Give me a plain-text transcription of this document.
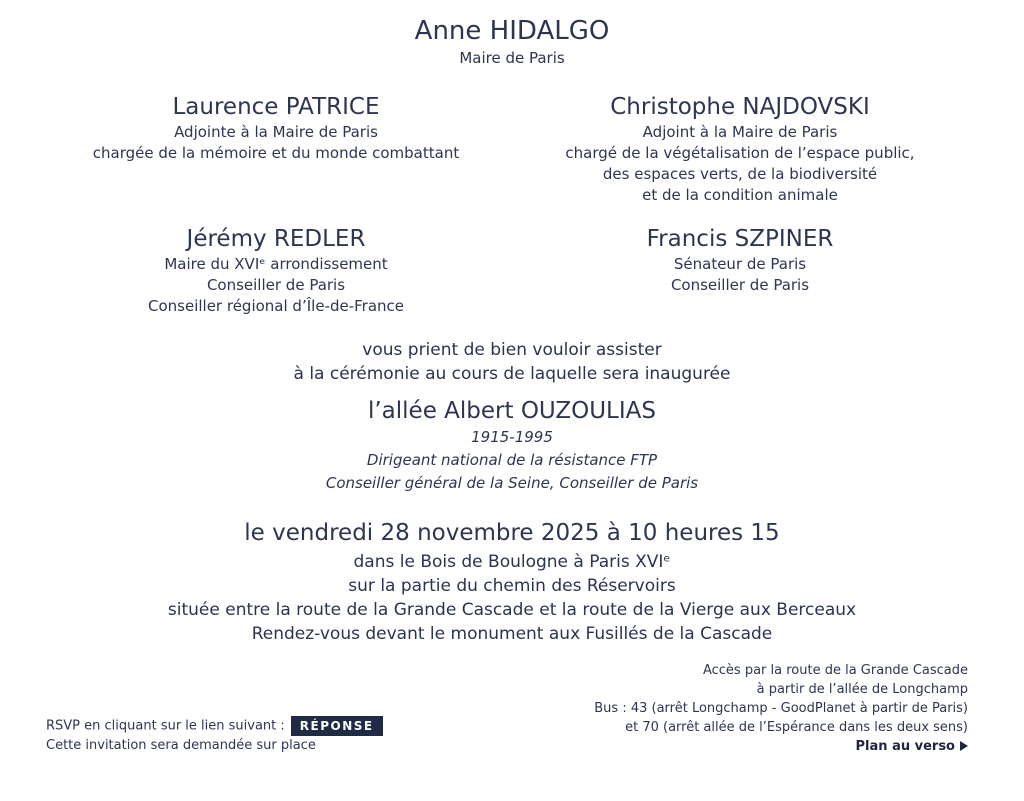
Anne HIDALGO
Maire de Paris
Laurence PATRICE
Adjointe à la Maire de Paris
chargée de la mémoire et du monde combattant
Christophe NAJDOVSKI
Adjoint à la Maire de Paris
chargé de la végétalisation de l’espace public,
des espaces verts, de la biodiversité
et de la condition animale
Jérémy REDLER
Maire du XVIᵉ arrondissement
Conseiller de Paris
Conseiller régional d’Île-de-France
Francis SZPINER
Sénateur de Paris
Conseiller de Paris
vous prient de bien vouloir assister
à la cérémonie au cours de laquelle sera inaugurée
l’allée Albert OUZOULIAS
1915-1995
Dirigeant national de la résistance FTP
Conseiller général de la Seine, Conseiller de Paris
le vendredi 28 novembre 2025 à 10 heures 15
dans le Bois de Boulogne à Paris XVIᵉ
sur la partie du chemin des Réservoirs
située entre la route de la Grande Cascade et la route de la Vierge aux Berceaux
Rendez-vous devant le monument aux Fusillés de la Cascade
Accès par la route de la Grande Cascade
à partir de l’allée de Longchamp
Bus : 43 (arrêt Longchamp - GoodPlanet à partir de Paris)
et 70 (arrêt allée de l’Espérance dans les deux sens)
RSVP en cliquant sur le lien suivant : RÉPONSE
Cette invitation sera demandée sur place	Plan au verso
